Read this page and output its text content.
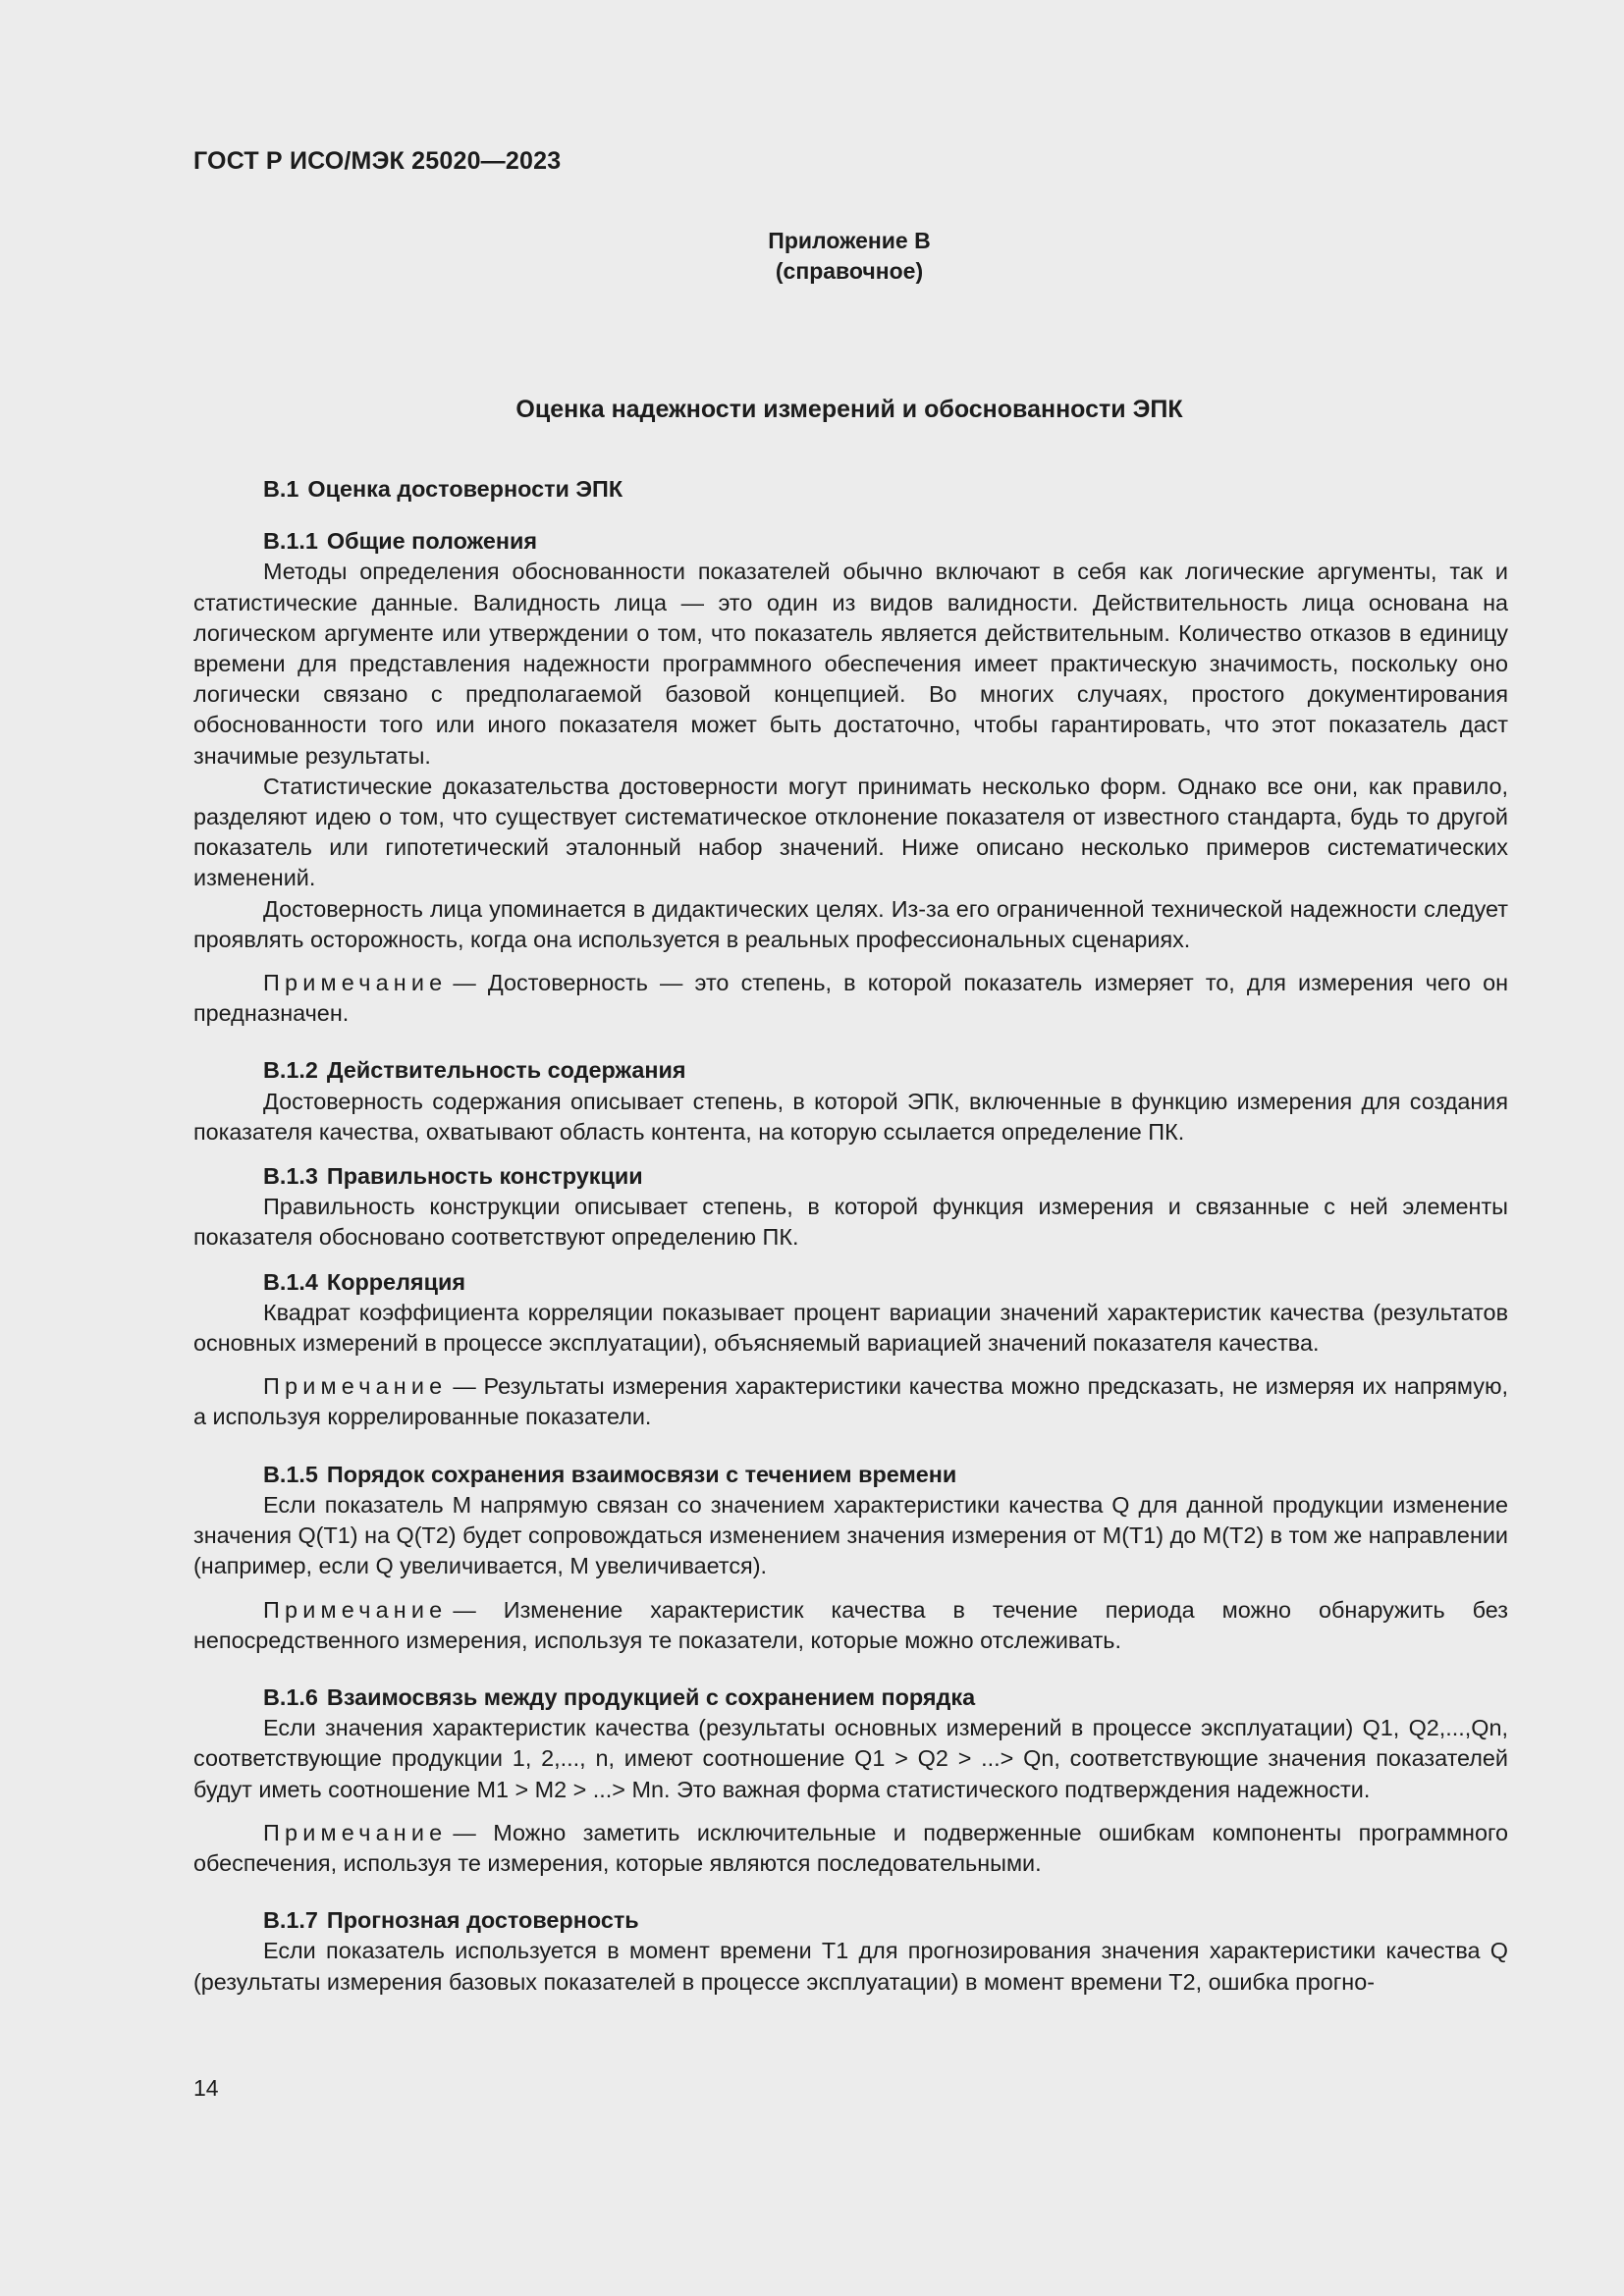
ГОСТ Р ИСО/МЭК 25020—2023
Приложение B
(справочное)
Оценка надежности измерений и обоснованности ЭПК

B.1 Оценка достоверности ЭПК

B.1.1 Общие положения

Методы определения обоснованности показателей обычно включают в себя как логические аргументы, так и статистические данные. Валидность лица — это один из видов валидности. Действительность лица основана на логическом аргументе или утверждении о том, что показатель является действительным. Количество отказов в единицу времени для представления надежности программного обеспечения имеет практическую значимость, поскольку оно логически связано с предполагаемой базовой концепцией. Во многих случаях, простого документирования обоснованности того или иного показателя может быть достаточно, чтобы гарантировать, что этот показатель даст значимые результаты.

Статистические доказательства достоверности могут принимать несколько форм. Однако все они, как правило, разделяют идею о том, что существует систематическое отклонение показателя от известного стандарта, будь то другой показатель или гипотетический эталонный набор значений. Ниже описано несколько примеров систематических изменений.

Достоверность лица упоминается в дидактических целях. Из-за его ограниченной технической надежности следует проявлять осторожность, когда она используется в реальных профессиональных сценариях.

Примечание — Достоверность — это степень, в которой показатель измеряет то, для измерения чего он предназначен.

B.1.2 Действительность содержания

Достоверность содержания описывает степень, в которой ЭПК, включенные в функцию измерения для создания показателя качества, охватывают область контента, на которую ссылается определение ПК.

B.1.3 Правильность конструкции

Правильность конструкции описывает степень, в которой функция измерения и связанные с ней элементы показателя обосновано соответствуют определению ПК.

B.1.4 Корреляция

Квадрат коэффициента корреляции показывает процент вариации значений характеристик качества (результатов основных измерений в процессе эксплуатации), объясняемый вариацией значений показателя качества.

Примечание — Результаты измерения характеристики качества можно предсказать, не измеряя их напрямую, а используя коррелированные показатели.

B.1.5 Порядок сохранения взаимосвязи с течением времени

Если показатель M напрямую связан со значением характеристики качества Q для данной продукции изменение значения Q(T1) на Q(T2) будет сопровождаться изменением значения измерения от M(T1) до M(T2) в том же направлении (например, если Q увеличивается, M увеличивается).

Примечание — Изменение характеристик качества в течение периода можно обнаружить без непосредственного измерения, используя те показатели, которые можно отслеживать.

B.1.6 Взаимосвязь между продукцией с сохранением порядка

Если значения характеристик качества (результаты основных измерений в процессе эксплуатации) Q1, Q2,...,Qn, соответствующие продукции 1, 2,..., n, имеют соотношение Q1 > Q2 > ...> Qn, соответствующие значения показателей будут иметь соотношение M1 > M2 > ...> Mn. Это важная форма статистического подтверждения надежности.

Примечание — Можно заметить исключительные и подверженные ошибкам компоненты программного обеспечения, используя те измерения, которые являются последовательными.

B.1.7 Прогнозная достоверность

Если показатель используется в момент времени T1 для прогнозирования значения характеристики качества Q (результаты измерения базовых показателей в процессе эксплуатации) в момент времени T2, ошибка прогно-

14
